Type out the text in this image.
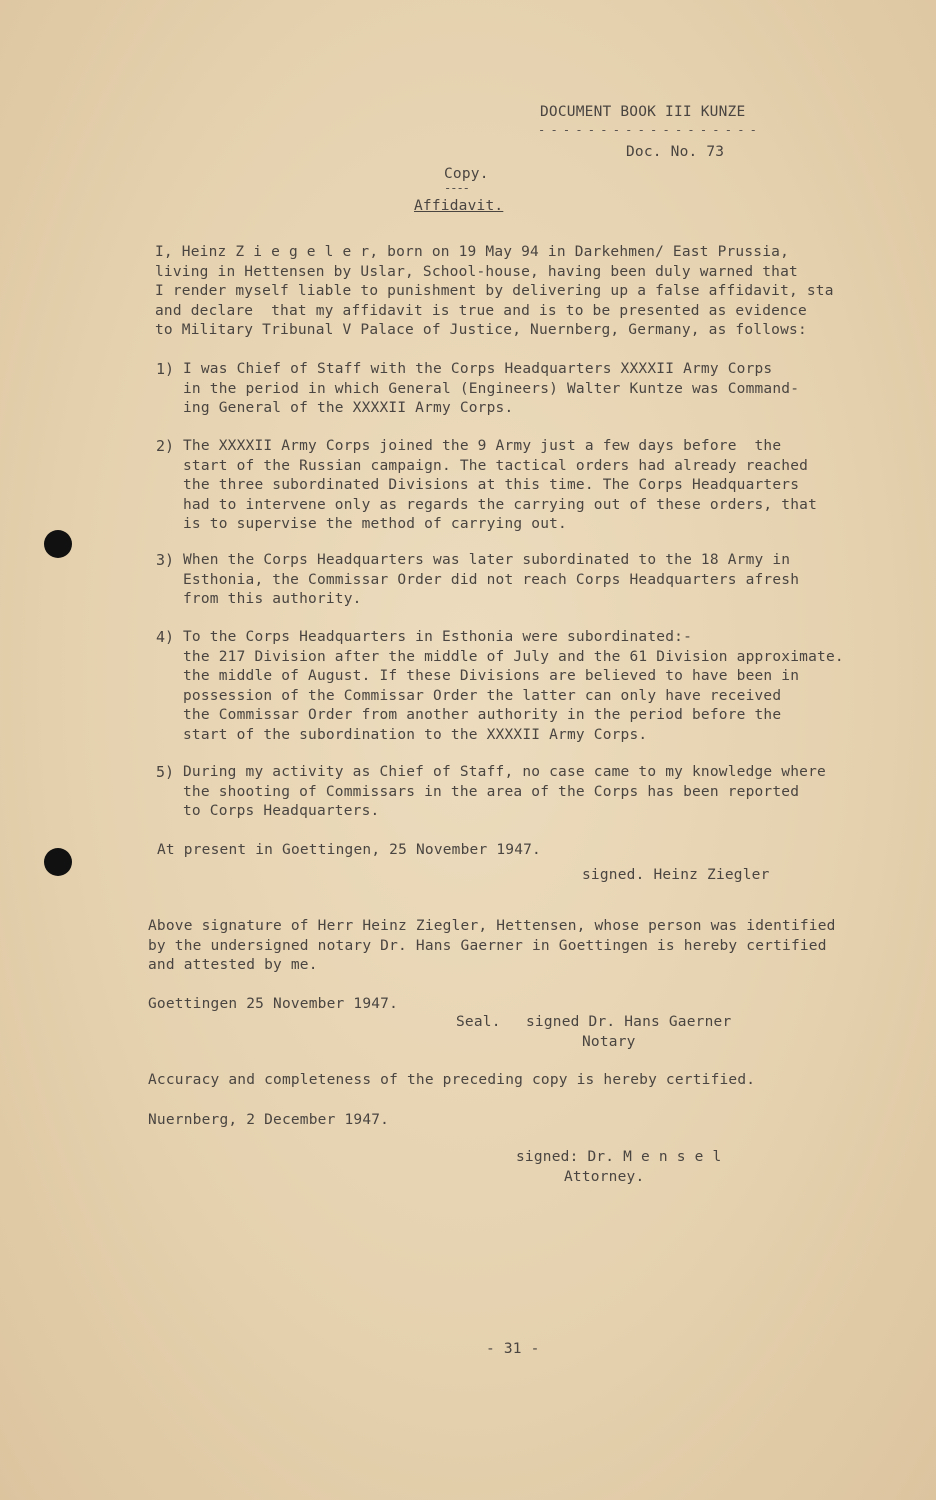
DOCUMENT BOOK III KUNZE
- - - - - - - - - - - - - - - - - -
Doc. No. 73
Copy.
----
Affidavit.
I, Heinz Z i e g e l e r, born on 19 May 94 in Darkehmen/ East Prussia,
living in Hettensen by Uslar, School-house, having been duly warned that
I render myself liable to punishment by delivering up a false affidavit, sta
and declare  that my affidavit is true and is to be presented as evidence
to Military Tribunal V Palace of Justice, Nuernberg, Germany, as follows:
1) I was Chief of Staff with the Corps Headquarters XXXXII Army Corps
in the period in which General (Engineers) Walter Kuntze was Command-
ing General of the XXXXII Army Corps.
2) The XXXXII Army Corps joined the 9 Army just a few days before  the
start of the Russian campaign. The tactical orders had already reached
the three subordinated Divisions at this time. The Corps Headquarters
had to intervene only as regards the carrying out of these orders, that
is to supervise the method of carrying out.
3) When the Corps Headquarters was later subordinated to the 18 Army in
Esthonia, the Commissar Order did not reach Corps Headquarters afresh
from this authority.
4) To the Corps Headquarters in Esthonia were subordinated:-
the 217 Division after the middle of July and the 61 Division approximate.
the middle of August. If these Divisions are believed to have been in
possession of the Commissar Order the latter can only have received
the Commissar Order from another authority in the period before the
start of the subordination to the XXXXII Army Corps.
5) During my activity as Chief of Staff, no case came to my knowledge where
the shooting of Commissars in the area of the Corps has been reported
to Corps Headquarters.
At present in Goettingen, 25 November 1947.
signed. Heinz Ziegler
Above signature of Herr Heinz Ziegler, Hettensen, whose person was identified
by the undersigned notary Dr. Hans Gaerner in Goettingen is hereby certified
and attested by me.
Goettingen 25 November 1947.
Seal. signed Dr. Hans Gaerner
Notary
Accuracy and completeness of the preceding copy is hereby certified.
Nuernberg, 2 December 1947.
signed: Dr. M e n s e l
Attorney.
- 31 -
